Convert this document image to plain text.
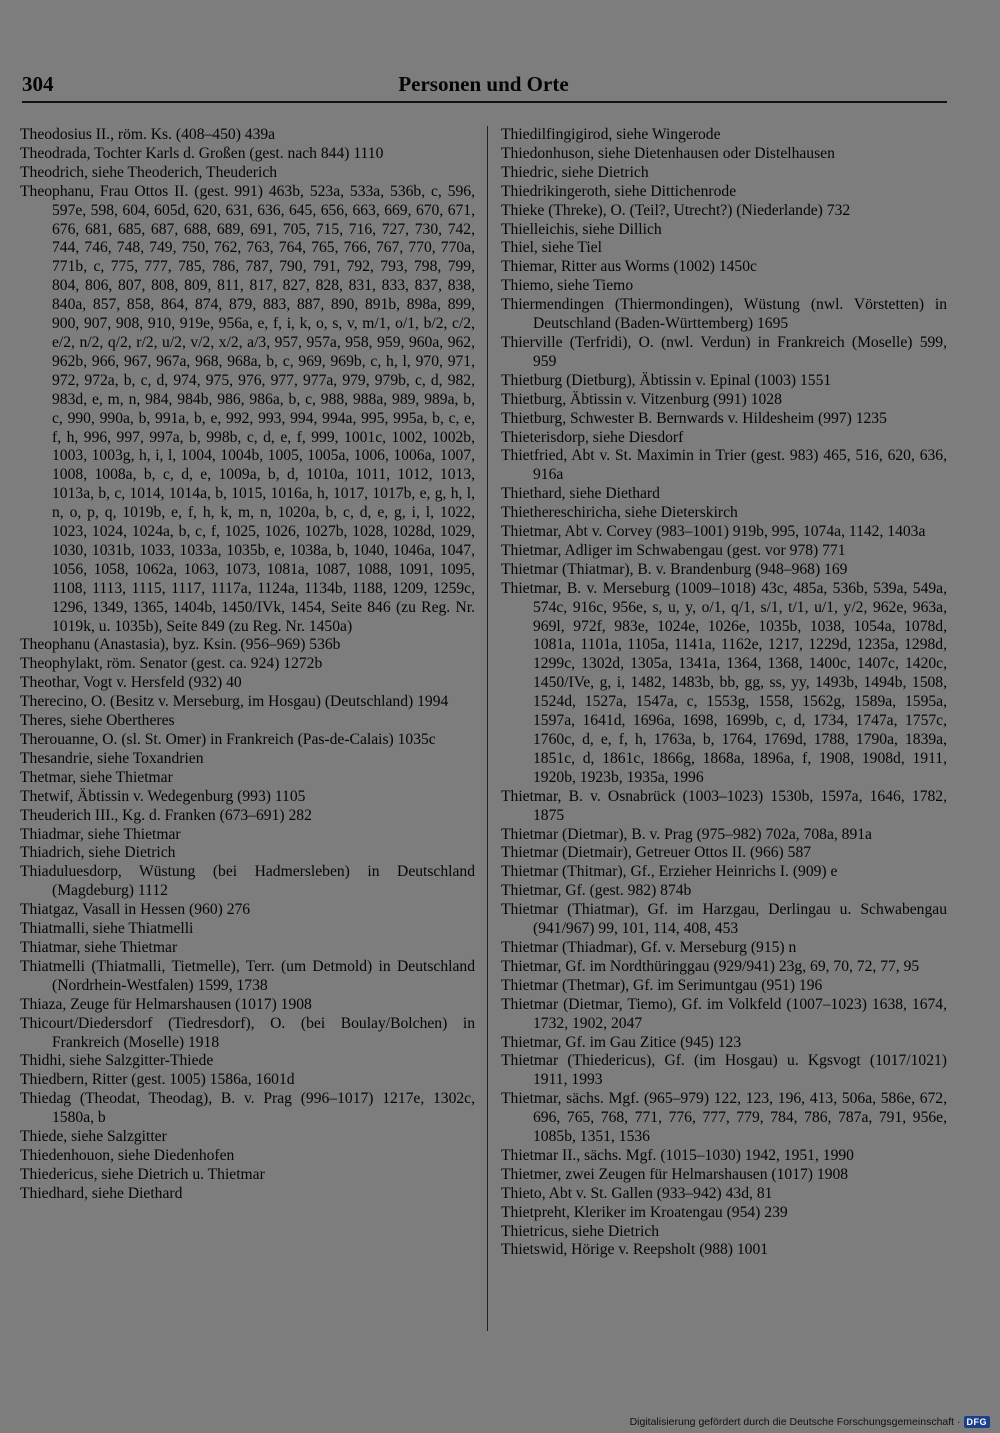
304	Personen und Orte

Theodosius II., röm. Ks. (408–450) 439a

Theodrada, Tochter Karls d. Großen (gest. nach 844) 1110

Theodrich, siehe Theoderich, Theuderich

Theophanu, Frau Ottos II. (gest. 991) 463b, 523a, 533a, 536b, c, 596, 597e, 598, 604, 605d, 620, 631, 636, 645, 656, 663, 669, 670, 671, 676, 681, 685, 687, 688, 689, 691, 705, 715, 716, 727, 730, 742, 744, 746, 748, 749, 750, 762, 763, 764, 765, 766, 767, 770, 770a, 771b, c, 775, 777, 785, 786, 787, 790, 791, 792, 793, 798, 799, 804, 806, 807, 808, 809, 811, 817, 827, 828, 831, 833, 837, 838, 840a, 857, 858, 864, 874, 879, 883, 887, 890, 891b, 898a, 899, 900, 907, 908, 910, 919e, 956a, e, f, i, k, o, s, v, m/1, o/1, b/2, c/2, e/2, n/2, q/2, r/2, u/2, v/2, x/2, a/3, 957, 957a, 958, 959, 960a, 962, 962b, 966, 967, 967a, 968, 968a, b, c, 969, 969b, c, h, l, 970, 971, 972, 972a, b, c, d, 974, 975, 976, 977, 977a, 979, 979b, c, d, 982, 983d, e, m, n, 984, 984b, 986, 986a, b, c, 988, 988a, 989, 989a, b, c, 990, 990a, b, 991a, b, e, 992, 993, 994, 994a, 995, 995a, b, c, e, f, h, 996, 997, 997a, b, 998b, c, d, e, f, 999, 1001c, 1002, 1002b, 1003, 1003g, h, i, l, 1004, 1004b, 1005, 1005a, 1006, 1006a, 1007, 1008, 1008a, b, c, d, e, 1009a, b, d, 1010a, 1011, 1012, 1013, 1013a, b, c, 1014, 1014a, b, 1015, 1016a, h, 1017, 1017b, e, g, h, l, n, o, p, q, 1019b, e, f, h, k, m, n, 1020a, b, c, d, e, g, i, l, 1022, 1023, 1024, 1024a, b, c, f, 1025, 1026, 1027b, 1028, 1028d, 1029, 1030, 1031b, 1033, 1033a, 1035b, e, 1038a, b, 1040, 1046a, 1047, 1056, 1058, 1062a, 1063, 1073, 1081a, 1087, 1088, 1091, 1095, 1108, 1113, 1115, 1117, 1117a, 1124a, 1134b, 1188, 1209, 1259c, 1296, 1349, 1365, 1404b, 1450/IVk, 1454, Seite 846 (zu Reg. Nr. 1019k, u. 1035b), Seite 849 (zu Reg. Nr. 1450a)

Theophanu (Anastasia), byz. Ksin. (956–969) 536b

Theophylakt, röm. Senator (gest. ca. 924) 1272b

Theothar, Vogt v. Hersfeld (932) 40

Therecino, O. (Besitz v. Merseburg, im Hosgau) (Deutschland) 1994

Theres, siehe Obertheres

Therouanne, O. (sl. St. Omer) in Frankreich (Pas-de-Calais) 1035c

Thesandrie, siehe Toxandrien

Thetmar, siehe Thietmar

Thetwif, Äbtissin v. Wedegenburg (993) 1105

Theuderich III., Kg. d. Franken (673–691) 282

Thiadmar, siehe Thietmar

Thiadrich, siehe Dietrich

Thiaduluesdorp, Wüstung (bei Hadmersleben) in Deutschland (Magdeburg) 1112

Thiatgaz, Vasall in Hessen (960) 276

Thiatmalli, siehe Thiatmelli

Thiatmar, siehe Thietmar

Thiatmelli (Thiatmalli, Tietmelle), Terr. (um Detmold) in Deutschland (Nordrhein-Westfalen) 1599, 1738

Thiaza, Zeuge für Helmarshausen (1017) 1908

Thicourt/Diedersdorf (Tiedresdorf), O. (bei Boulay/Bolchen) in Frankreich (Moselle) 1918

Thidhi, siehe Salzgitter-Thiede

Thiedbern, Ritter (gest. 1005) 1586a, 1601d

Thiedag (Theodat, Theodag), B. v. Prag (996–1017) 1217e, 1302c, 1580a, b

Thiede, siehe Salzgitter

Thiedenhouon, siehe Diedenhofen

Thiedericus, siehe Dietrich u. Thietmar

Thiedhard, siehe Diethard

Thiedilfingigirod, siehe Wingerode

Thiedonhuson, siehe Dietenhausen oder Distelhausen

Thiedric, siehe Dietrich

Thiedrikingeroth, siehe Dittichenrode

Thieke (Threke), O. (Teil?, Utrecht?) (Niederlande) 732

Thielleichis, siehe Dillich

Thiel, siehe Tiel

Thiemar, Ritter aus Worms (1002) 1450c

Thiemo, siehe Tiemo

Thiermendingen (Thiermondingen), Wüstung (nwl. Vörstetten) in Deutschland (Baden-Württemberg) 1695

Thierville (Terfridi), O. (nwl. Verdun) in Frankreich (Moselle) 599, 959

Thietburg (Dietburg), Äbtissin v. Epinal (1003) 1551

Thietburg, Äbtissin v. Vitzenburg (991) 1028

Thietburg, Schwester B. Bernwards v. Hildesheim (997) 1235

Thieterisdorp, siehe Diesdorf

Thietfried, Abt v. St. Maximin in Trier (gest. 983) 465, 516, 620, 636, 916a

Thiethard, siehe Diethard

Thiethereschiricha, siehe Dieterskirch

Thietmar, Abt v. Corvey (983–1001) 919b, 995, 1074a, 1142, 1403a

Thietmar, Adliger im Schwabengau (gest. vor 978) 771

Thietmar (Thiatmar), B. v. Brandenburg (948–968) 169

Thietmar, B. v. Merseburg (1009–1018) 43c, 485a, 536b, 539a, 549a, 574c, 916c, 956e, s, u, y, o/1, q/1, s/1, t/1, u/1, y/2, 962e, 963a, 969l, 972f, 983e, 1024e, 1026e, 1035b, 1038, 1054a, 1078d, 1081a, 1101a, 1105a, 1141a, 1162e, 1217, 1229d, 1235a, 1298d, 1299c, 1302d, 1305a, 1341a, 1364, 1368, 1400c, 1407c, 1420c, 1450/IVe, g, i, 1482, 1483b, bb, gg, ss, yy, 1493b, 1494b, 1508, 1524d, 1527a, 1547a, c, 1553g, 1558, 1562g, 1589a, 1595a, 1597a, 1641d, 1696a, 1698, 1699b, c, d, 1734, 1747a, 1757c, 1760c, d, e, f, h, 1763a, b, 1764, 1769d, 1788, 1790a, 1839a, 1851c, d, 1861c, 1866g, 1868a, 1896a, f, 1908, 1908d, 1911, 1920b, 1923b, 1935a, 1996

Thietmar, B. v. Osnabrück (1003–1023) 1530b, 1597a, 1646, 1782, 1875

Thietmar (Dietmar), B. v. Prag (975–982) 702a, 708a, 891a

Thietmar (Dietmair), Getreuer Ottos II. (966) 587

Thietmar (Thitmar), Gf., Erzieher Heinrichs I. (909) e

Thietmar, Gf. (gest. 982) 874b

Thietmar (Thiatmar), Gf. im Harzgau, Derlingau u. Schwabengau (941/967) 99, 101, 114, 408, 453

Thietmar (Thiadmar), Gf. v. Merseburg (915) n

Thietmar, Gf. im Nordthüringgau (929/941) 23g, 69, 70, 72, 77, 95

Thietmar (Thetmar), Gf. im Serimuntgau (951) 196

Thietmar (Dietmar, Tiemo), Gf. im Volkfeld (1007–1023) 1638, 1674, 1732, 1902, 2047

Thietmar, Gf. im Gau Zitice (945) 123

Thietmar (Thiedericus), Gf. (im Hosgau) u. Kgsvogt (1017/1021) 1911, 1993

Thietmar, sächs. Mgf. (965–979) 122, 123, 196, 413, 506a, 586e, 672, 696, 765, 768, 771, 776, 777, 779, 784, 786, 787a, 791, 956e, 1085b, 1351, 1536

Thietmar II., sächs. Mgf. (1015–1030) 1942, 1951, 1990

Thietmer, zwei Zeugen für Helmarshausen (1017) 1908

Thieto, Abt v. St. Gallen (933–942) 43d, 81

Thietpreht, Kleriker im Kroatengau (954) 239

Thietricus, siehe Dietrich

Thietswid, Hörige v. Reepsholt (988) 1001

Digitalisierung gefördert durch die Deutsche Forschungsgemeinschaft · DFG
